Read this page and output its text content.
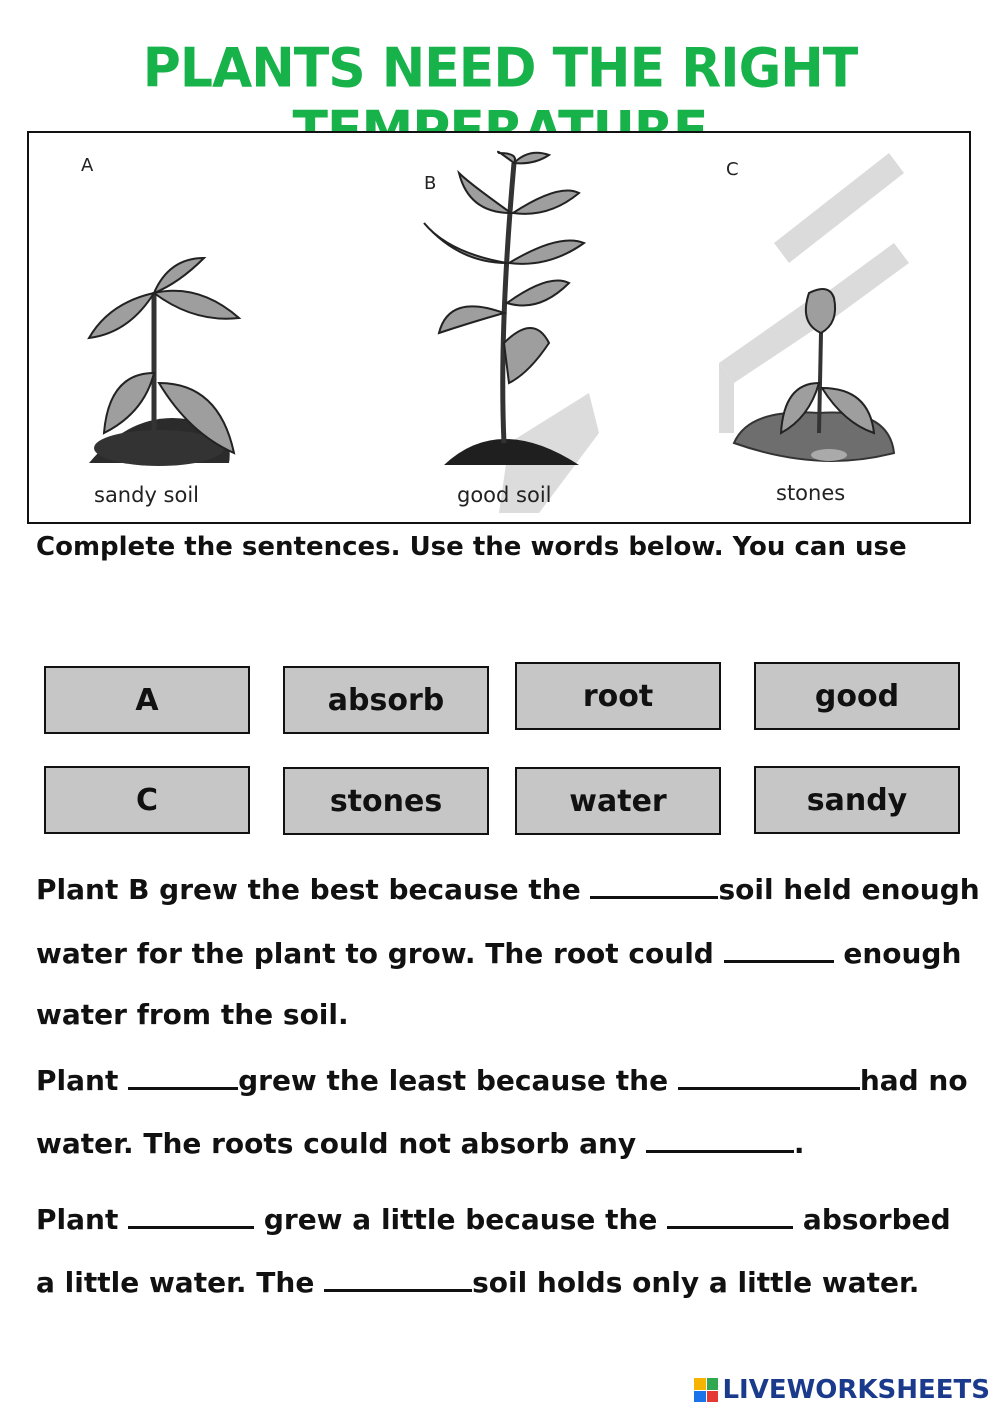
PLANTS NEED THE RIGHT
A
B
C
sandy soil	good soil	stones
Complete the sentences. Use the words below. You can use
A	absorb	root	good
C	stones	water	sandy
Plant B grew the best because the	soil held enough
water for the plant to grow. The root could	enough
water from the soil.
Plant	grew the least because the	had no
water. The roots could not absorb any	.
Plant	grew a little because the	absorbed
a little water. The	soil holds only a little water.
LIVEWORKSHEETS
